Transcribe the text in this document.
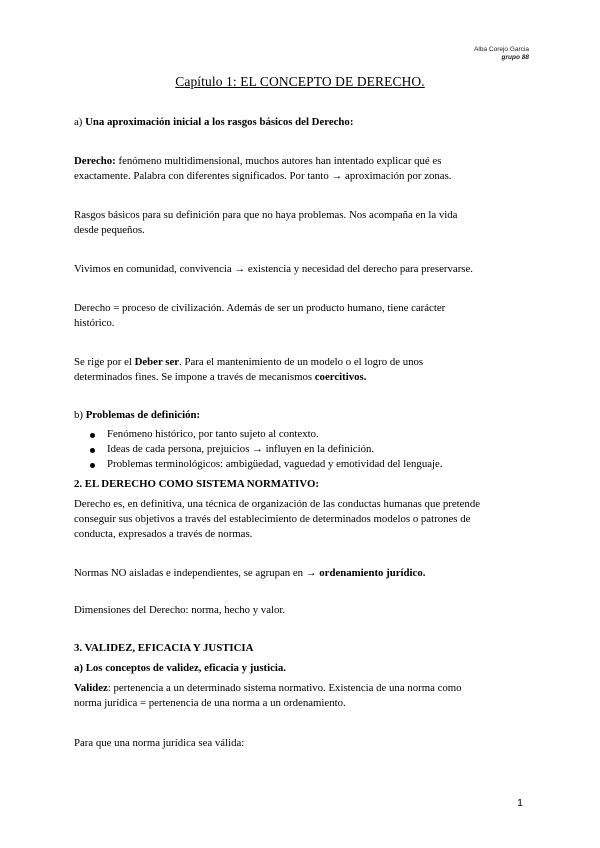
Alba Corejo Garcia
grupo 88
Capítulo 1: EL CONCEPTO DE DERECHO.
a) Una aproximación inicial a los rasgos básicos del Derecho:
Derecho: fenómeno multidimensional, muchos autores han intentado explicar qué es
exactamente. Palabra con diferentes significados. Por tanto → aproximación por zonas.
Rasgos básicos para su definición para que no haya problemas. Nos acompaña en la vida
desde pequeños.
Vivimos en comunidad, convivencia → existencia y necesidad del derecho para preservarse.
Derecho = proceso de civilización. Además de ser un producto humano, tiene carácter
histórico.
Se rige por el Deber ser. Para el mantenimiento de un modelo o el logro de unos
determinados fines. Se impone a través de mecanismos coercitivos.
b) Problemas de definición:
Fenómeno histórico, por tanto sujeto al contexto.
Ideas de cada persona, prejuicios → influyen en la definición.
Problemas terminológicos: ambigüedad, vaguedad y emotividad del lenguaje.
2. EL DERECHO COMO SISTEMA NORMATIVO:
Derecho es, en definitiva, una técnica de organización de las conductas humanas que pretende
conseguir sus objetivos a través del establecimiento de determinados modelos o patrones de
conducta, expresados a través de normas.
Normas NO aisladas e independientes, se agrupan en → ordenamiento jurídico.
Dimensiones del Derecho: norma, hecho y valor.
3. VALIDEZ, EFICACIA Y JUSTICIA
a) Los conceptos de validez, eficacia y justicia.
Validez: pertenencia a un determinado sistema normativo. Existencia de una norma como
norma jurídica = pertenencia de una norma a un ordenamiento.
Para que una norma jurídica sea válida:
1
